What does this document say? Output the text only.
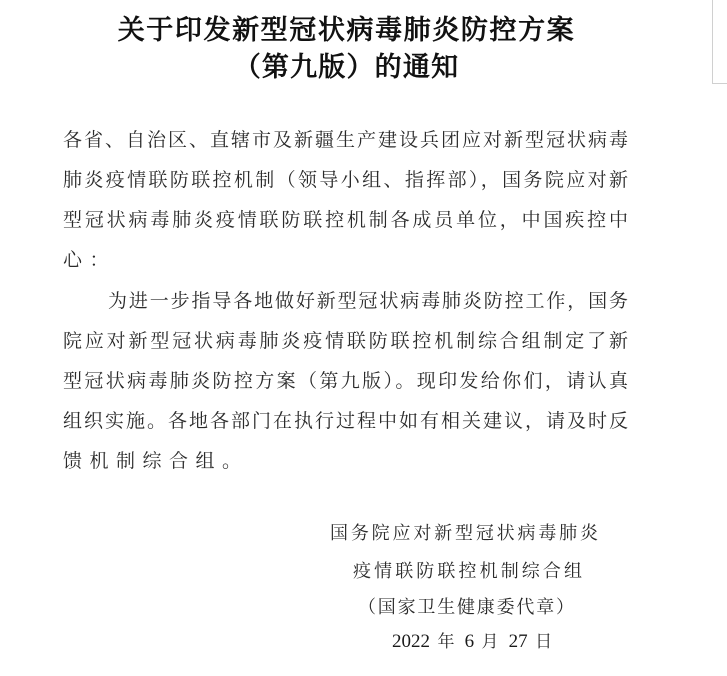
关于印发新型冠状病毒肺炎防控方案
（第九版）的通知
各省、自治区、直辖市及新疆生产建设兵团应对新型冠状病毒
肺炎疫情联防联控机制（领导小组、指挥部），国务院应对新
型冠状病毒肺炎疫情联防联控机制各成员单位，中国疾控中
心：
为进一步指导各地做好新型冠状病毒肺炎防控工作，国务
院应对新型冠状病毒肺炎疫情联防联控机制综合组制定了新
型冠状病毒肺炎防控方案（第九版）。现印发给你们，请认真
组织实施。各地各部门在执行过程中如有相关建议，请及时反
馈机制综合组。
国务院应对新型冠状病毒肺炎
疫情联防联控机制综合组
（国家卫生健康委代章）
2022 年 6 月 27 日
